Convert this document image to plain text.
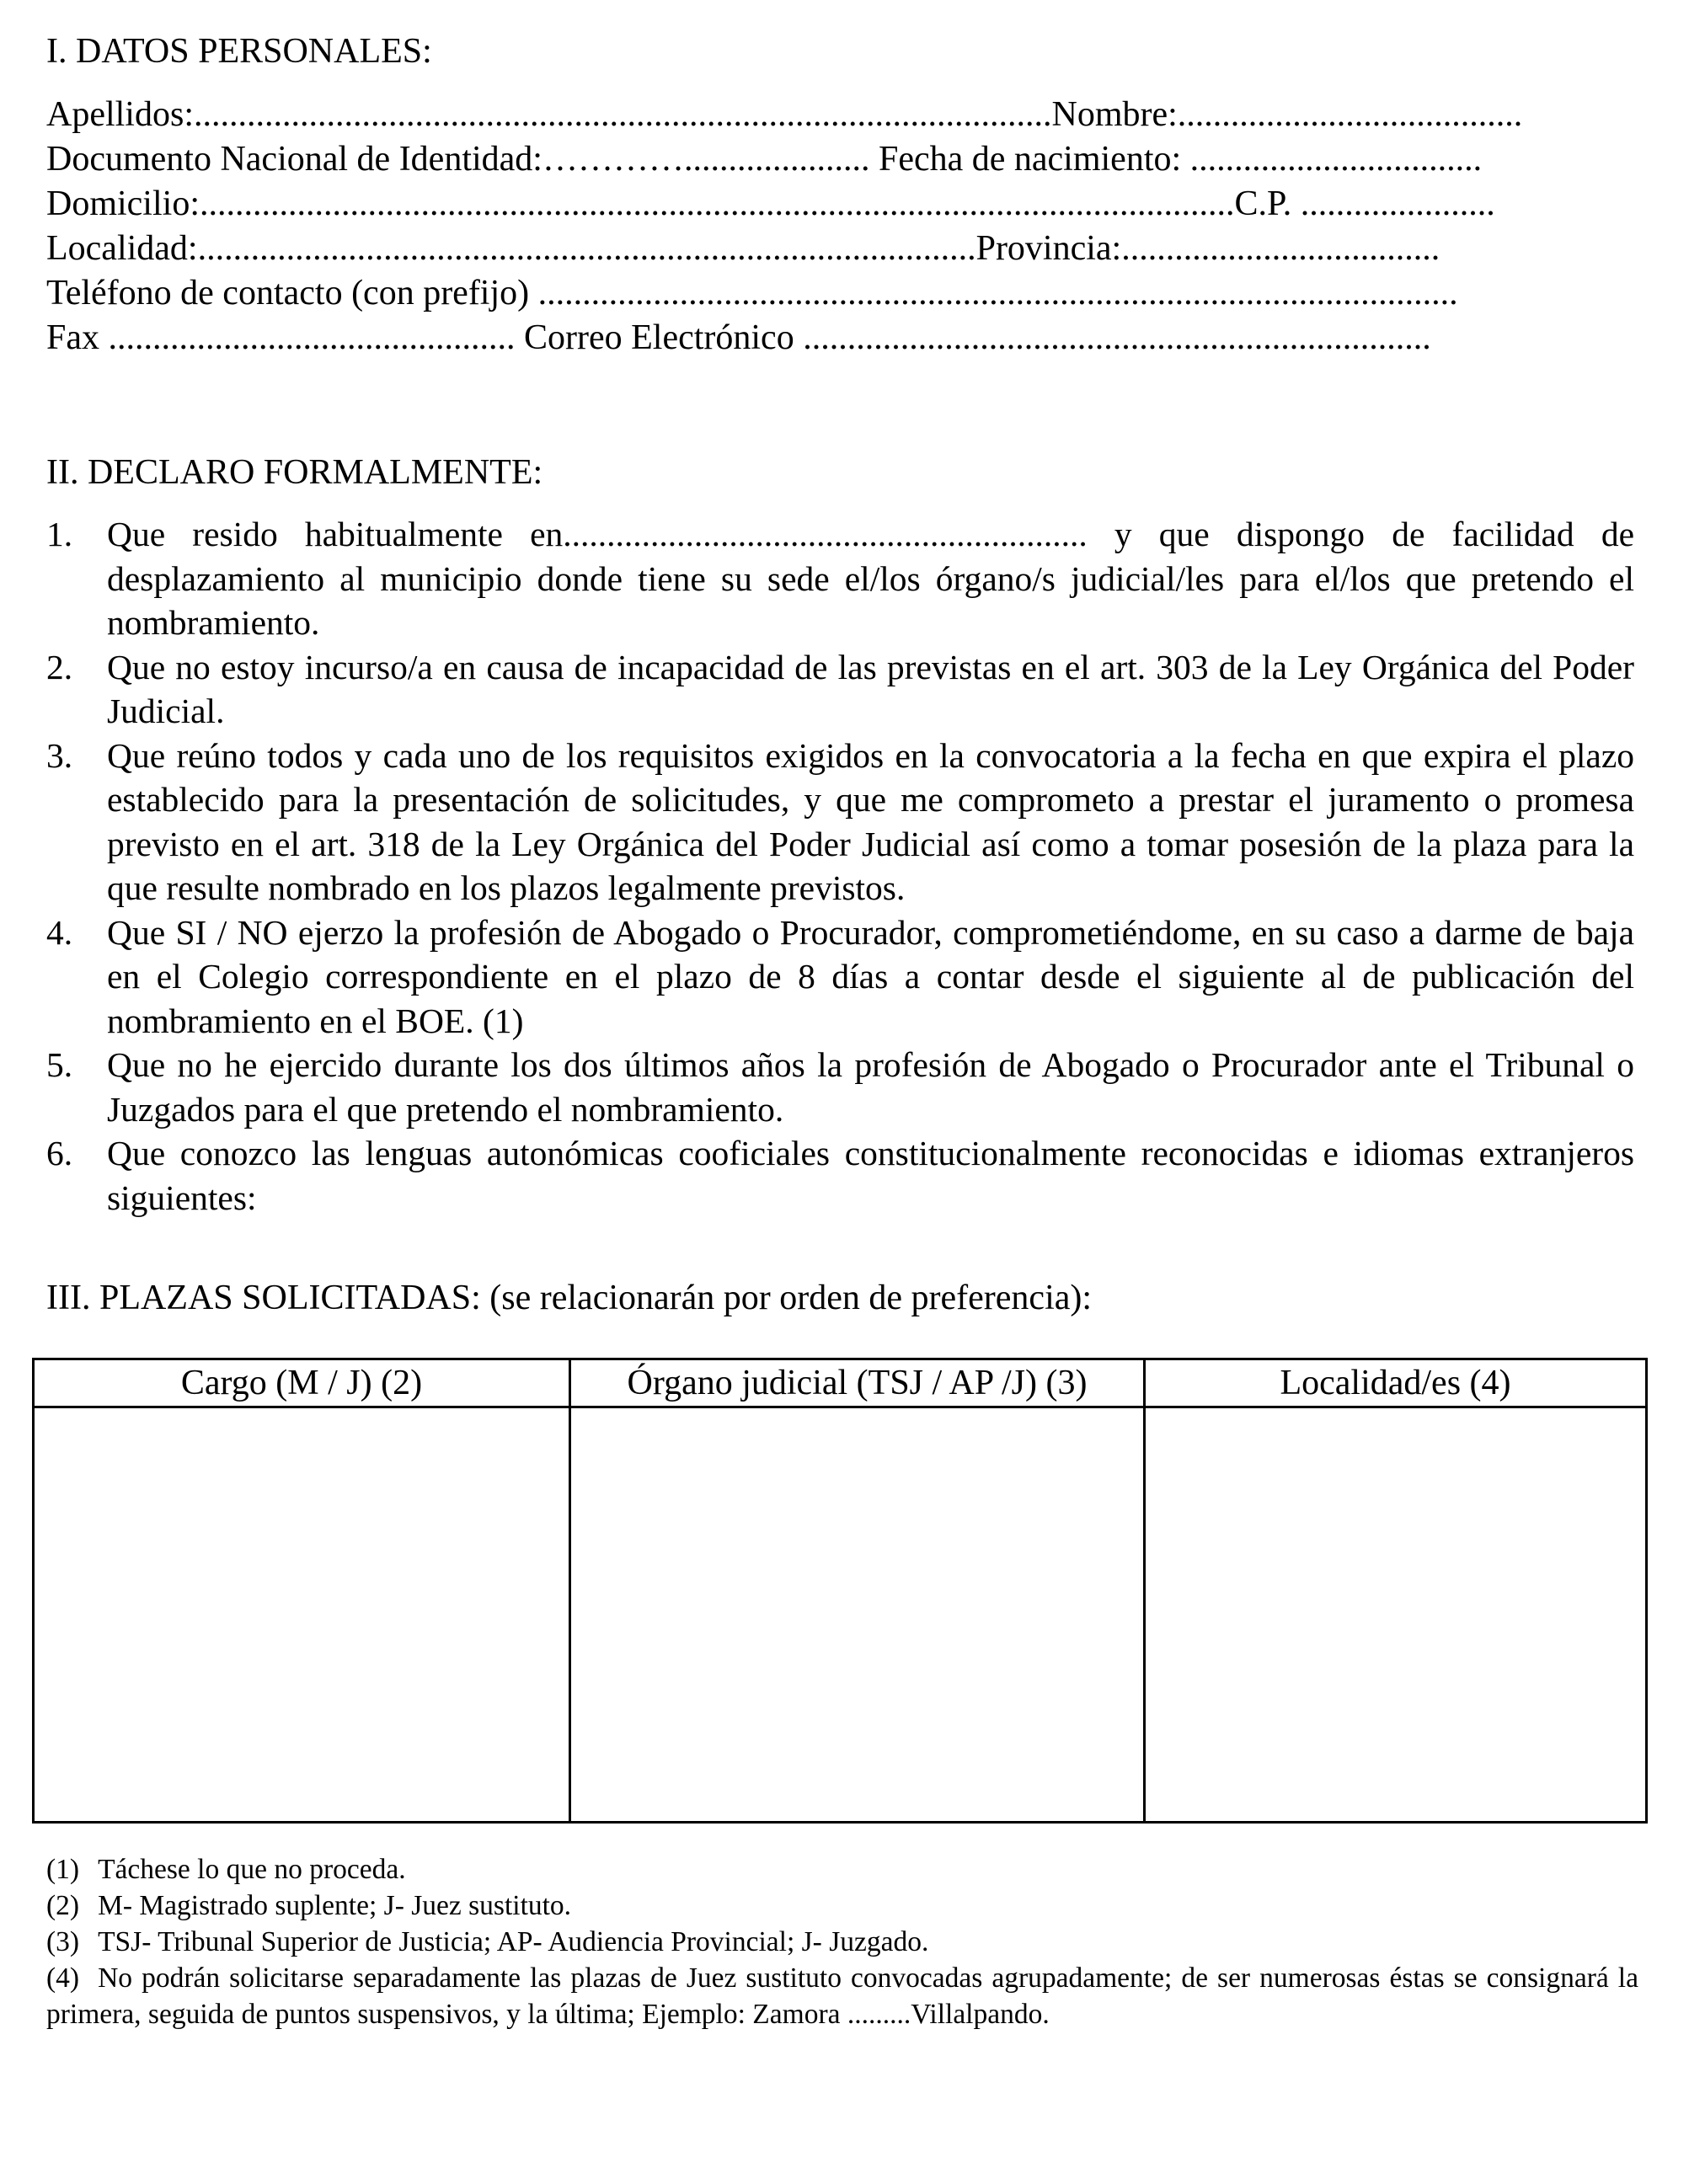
I. DATOS PERSONALES:
Apellidos:.................................................................................................Nombre:.......................................
Documento Nacional de Identidad:…………..................... Fecha de nacimiento: .................................
Domicilio:.....................................................................................................................C.P. ......................
Localidad:........................................................................................Provincia:....................................
Teléfono de contacto (con prefijo) ........................................................................................................
Fax .............................................. Correo Electrónico .......................................................................
II. DECLARO FORMALMENTE:
1. Que resido habitualmente en............................................................ y que dispongo de facilidad de desplazamiento al municipio donde tiene su sede el/los órgano/s judicial/les para el/los que pretendo el nombramiento.
2. Que no estoy incurso/a en causa de incapacidad de las previstas en el art. 303 de la Ley Orgánica del Poder Judicial.
3. Que reúno todos y cada uno de los requisitos exigidos en la convocatoria a la fecha en que expira el plazo establecido para la presentación de solicitudes, y que me comprometo a prestar el juramento o promesa previsto en el art. 318 de la Ley Orgánica del Poder Judicial así como a tomar posesión de la plaza para la que resulte nombrado en los plazos legalmente previstos.
4. Que SI / NO ejerzo la profesión de Abogado o Procurador, comprometiéndome, en su caso a darme de baja en el Colegio correspondiente en el plazo de 8 días a contar desde el siguiente al de publicación del nombramiento en el BOE. (1)
5. Que no he ejercido durante los dos últimos años la profesión de Abogado o Procurador ante el Tribunal o Juzgados para el que pretendo el nombramiento.
6. Que conozco las lenguas autonómicas cooficiales constitucionalmente reconocidas e idiomas extranjeros siguientes:
III. PLAZAS SOLICITADAS: (se relacionarán por orden de preferencia):
Cargo (M / J) (2)	Órgano judicial (TSJ / AP /J) (3)	Localidad/es (4)

(1) Táchese lo que no proceda.
(2) M- Magistrado suplente; J- Juez sustituto.
(3) TSJ- Tribunal Superior de Justicia; AP- Audiencia Provincial; J- Juzgado.
(4) No podrán solicitarse separadamente las plazas de Juez sustituto convocadas agrupadamente; de ser numerosas éstas se consignará la primera, seguida de puntos suspensivos, y la última; Ejemplo: Zamora .........Villalpando.
